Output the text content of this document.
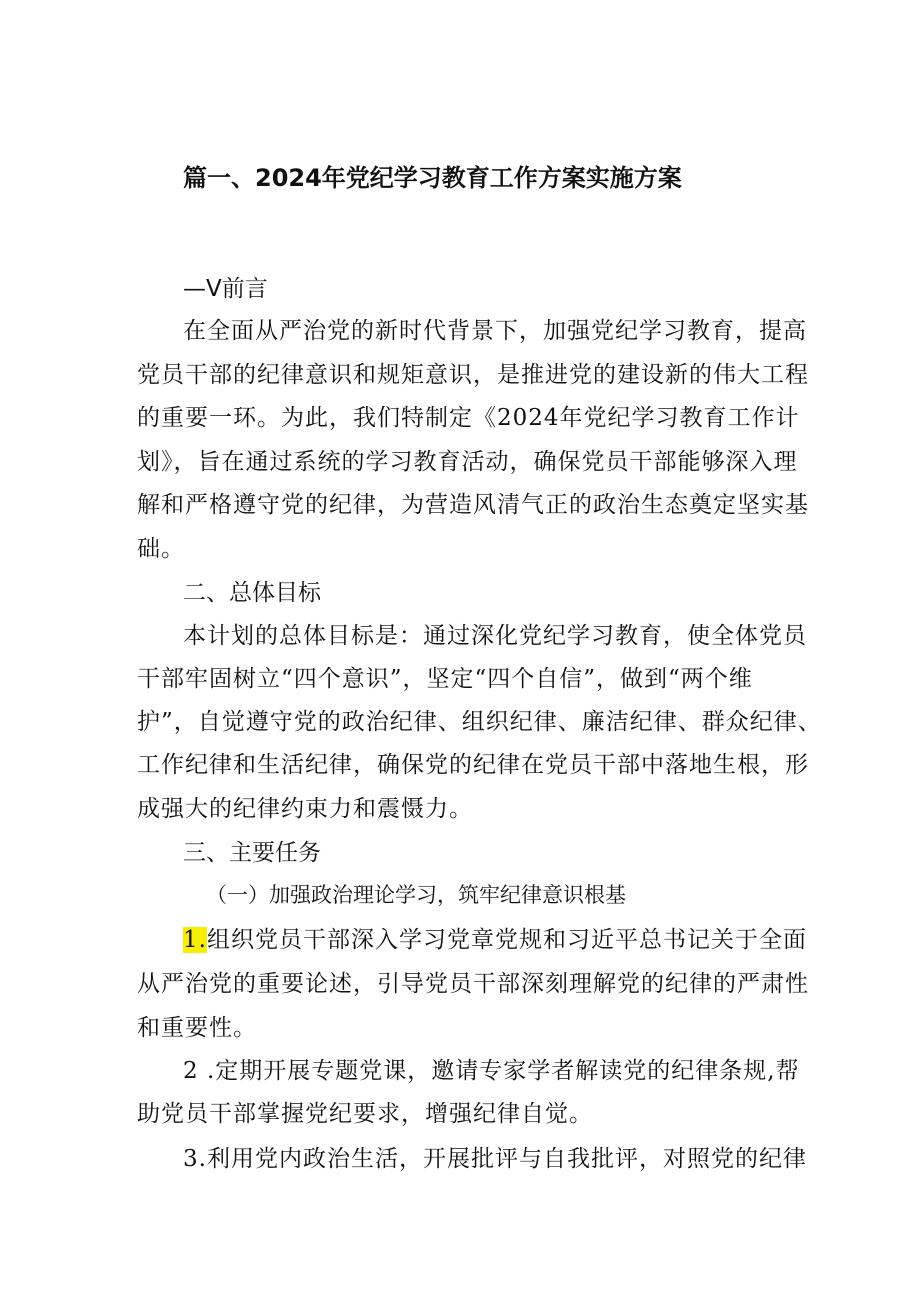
篇一、2024年党纪学习教育工作方案实施方案
—V前言
在全面从严治党的新时代背景下，加强党纪学习教育，提高
党员干部的纪律意识和规矩意识，是推进党的建设新的伟大工程
的重要一环。为此，我们特制定《2024年党纪学习教育工作计
划》，旨在通过系统的学习教育活动，确保党员干部能够深入理
解和严格遵守党的纪律，为营造风清气正的政治生态奠定坚实基
础。
二、总体目标
本计划的总体目标是：通过深化党纪学习教育，使全体党员
干部牢固树立“四个意识”，坚定“四个自信”，做到“两个维
护”，自觉遵守党的政治纪律、组织纪律、廉洁纪律、群众纪律、
工作纪律和生活纪律，确保党的纪律在党员干部中落地生根，形
成强大的纪律约束力和震慑力。
三、主要任务
（一）加强政治理论学习，筑牢纪律意识根基
1.组织党员干部深入学习党章党规和习近平总书记关于全面
从严治党的重要论述，引导党员干部深刻理解党的纪律的严肃性
和重要性。
2 .定期开展专题党课，邀请专家学者解读党的纪律条规,帮
助党员干部掌握党纪要求，增强纪律自觉。
3.利用党内政治生活，开展批评与自我批评，对照党的纪律
